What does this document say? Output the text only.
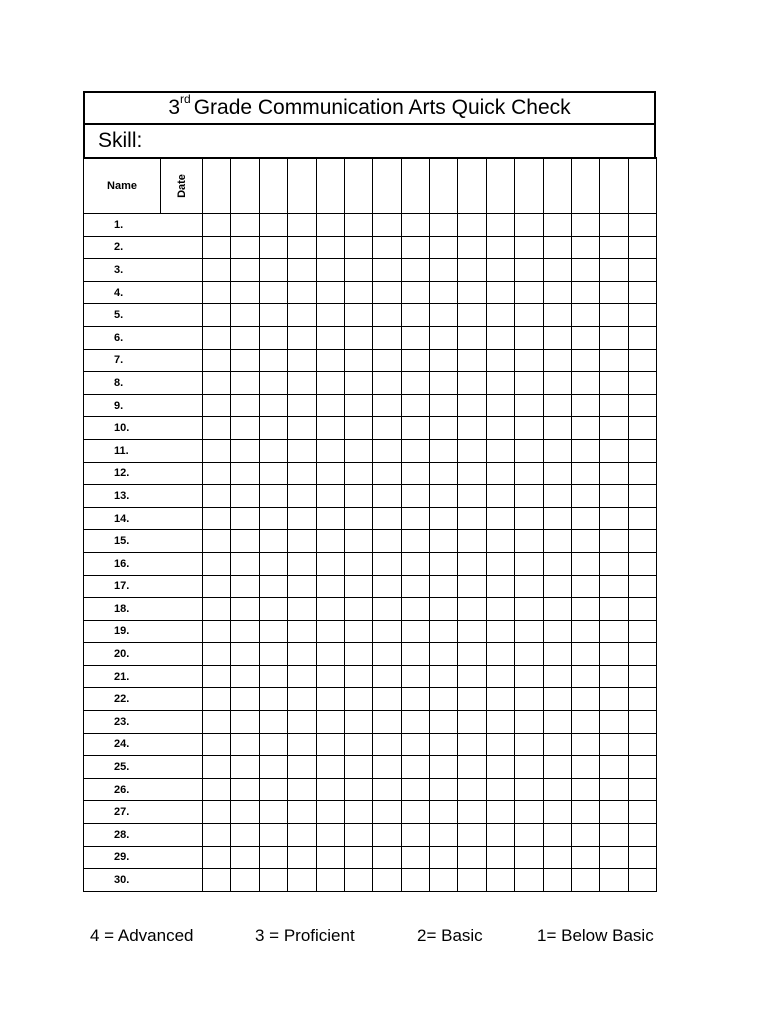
3rd Grade Communication Arts Quick Check
Skill:
Name	Date																

1.																	
2.																	
3.																	
4.																	
5.																	
6.																	
7.																	
8.																	
9.																	
10.																	
11.																	
12.																	
13.																	
14.																	
15.																	
16.																	
17.																	
18.																	
19.																	
20.																	
21.																	
22.																	
23.																	
24.																	
25.																	
26.																	
27.																	
28.																	
29.																	
30.																	
4 = Advanced	3 = Proficient	2= Basic	1= Below Basic
